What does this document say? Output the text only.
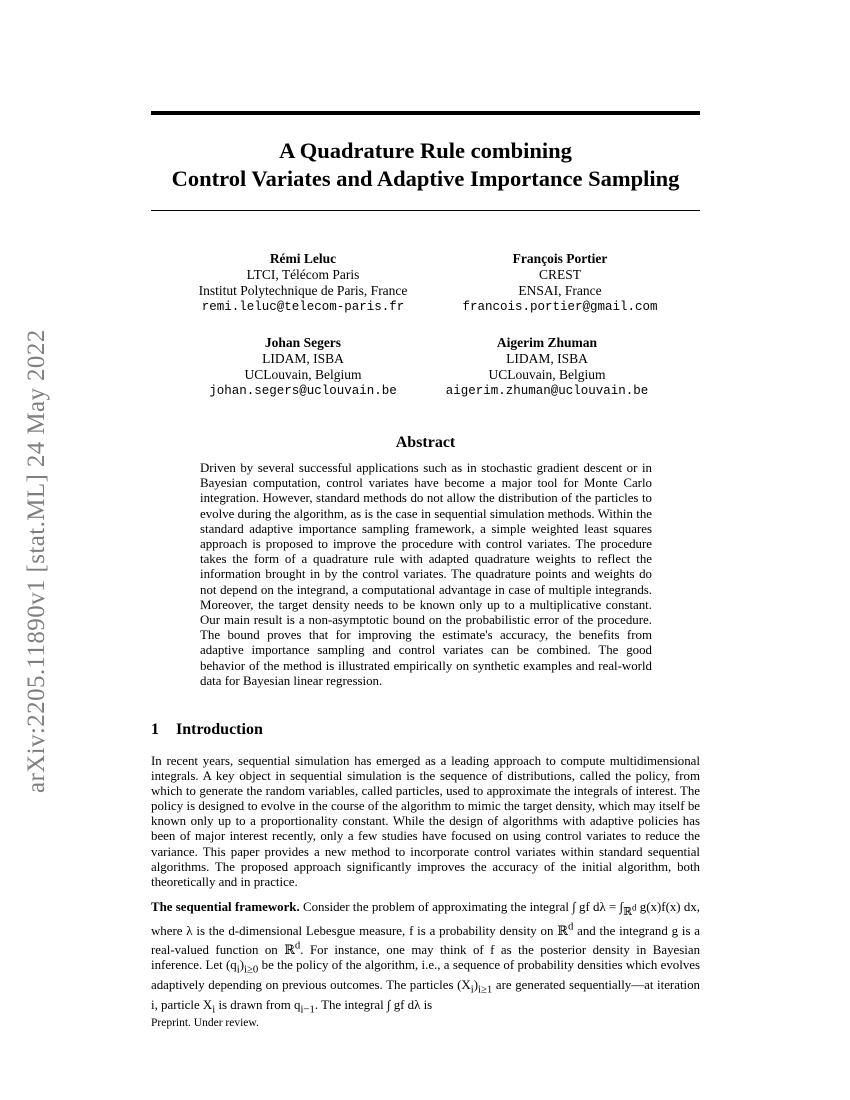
arXiv:2205.11890v1 [stat.ML] 24 May 2022
A Quadrature Rule combining
Control Variates and Adaptive Importance Sampling
Rémi Leluc
LTCI, Télécom Paris
Institut Polytechnique de Paris, France
remi.leluc@telecom-paris.fr
François Portier
CREST
ENSAI, France
francois.portier@gmail.com
Johan Segers
LIDAM, ISBA
UCLouvain, Belgium
johan.segers@uclouvain.be
Aigerim Zhuman
LIDAM, ISBA
UCLouvain, Belgium
aigerim.zhuman@uclouvain.be
Abstract
Driven by several successful applications such as in stochastic gradient descent or in Bayesian computation, control variates have become a major tool for Monte Carlo integration. However, standard methods do not allow the distribution of the particles to evolve during the algorithm, as is the case in sequential simulation methods. Within the standard adaptive importance sampling framework, a simple weighted least squares approach is proposed to improve the procedure with control variates. The procedure takes the form of a quadrature rule with adapted quadrature weights to reflect the information brought in by the control variates. The quadrature points and weights do not depend on the integrand, a computational advantage in case of multiple integrands. Moreover, the target density needs to be known only up to a multiplicative constant. Our main result is a non-asymptotic bound on the probabilistic error of the procedure. The bound proves that for improving the estimate's accuracy, the benefits from adaptive importance sampling and control variates can be combined. The good behavior of the method is illustrated empirically on synthetic examples and real-world data for Bayesian linear regression.
1 Introduction
In recent years, sequential simulation has emerged as a leading approach to compute multidimensional integrals. A key object in sequential simulation is the sequence of distributions, called the policy, from which to generate the random variables, called particles, used to approximate the integrals of interest. The policy is designed to evolve in the course of the algorithm to mimic the target density, which may itself be known only up to a proportionality constant. While the design of algorithms with adaptive policies has been of major interest recently, only a few studies have focused on using control variates to reduce the variance. This paper provides a new method to incorporate control variates within standard sequential algorithms. The proposed approach significantly improves the accuracy of the initial algorithm, both theoretically and in practice.
The sequential framework. Consider the problem of approximating the integral ∫ gf $d\lambda = \int_{ℝ^d}$ g(x)f(x) dx, where λ is the d-dimensional Lebesgue measure, f is a probability density on ℝ$^d$ and the integrand g is a real-valued function on ℝ$^d$. For instance, one may think of f as the posterior density in Bayesian inference. Let $(q_i)_{i\ge 0}$ be the policy of the algorithm, i.e., a sequence of probability densities which evolves adaptively depending on previous outcomes. The particles $(X_i)_{i\ge 1}$ are generated sequentially—at iteration i, particle $X_i$ is drawn from $q_{i-1}$. The integral ∫ gf dλ is
Preprint. Under review.
